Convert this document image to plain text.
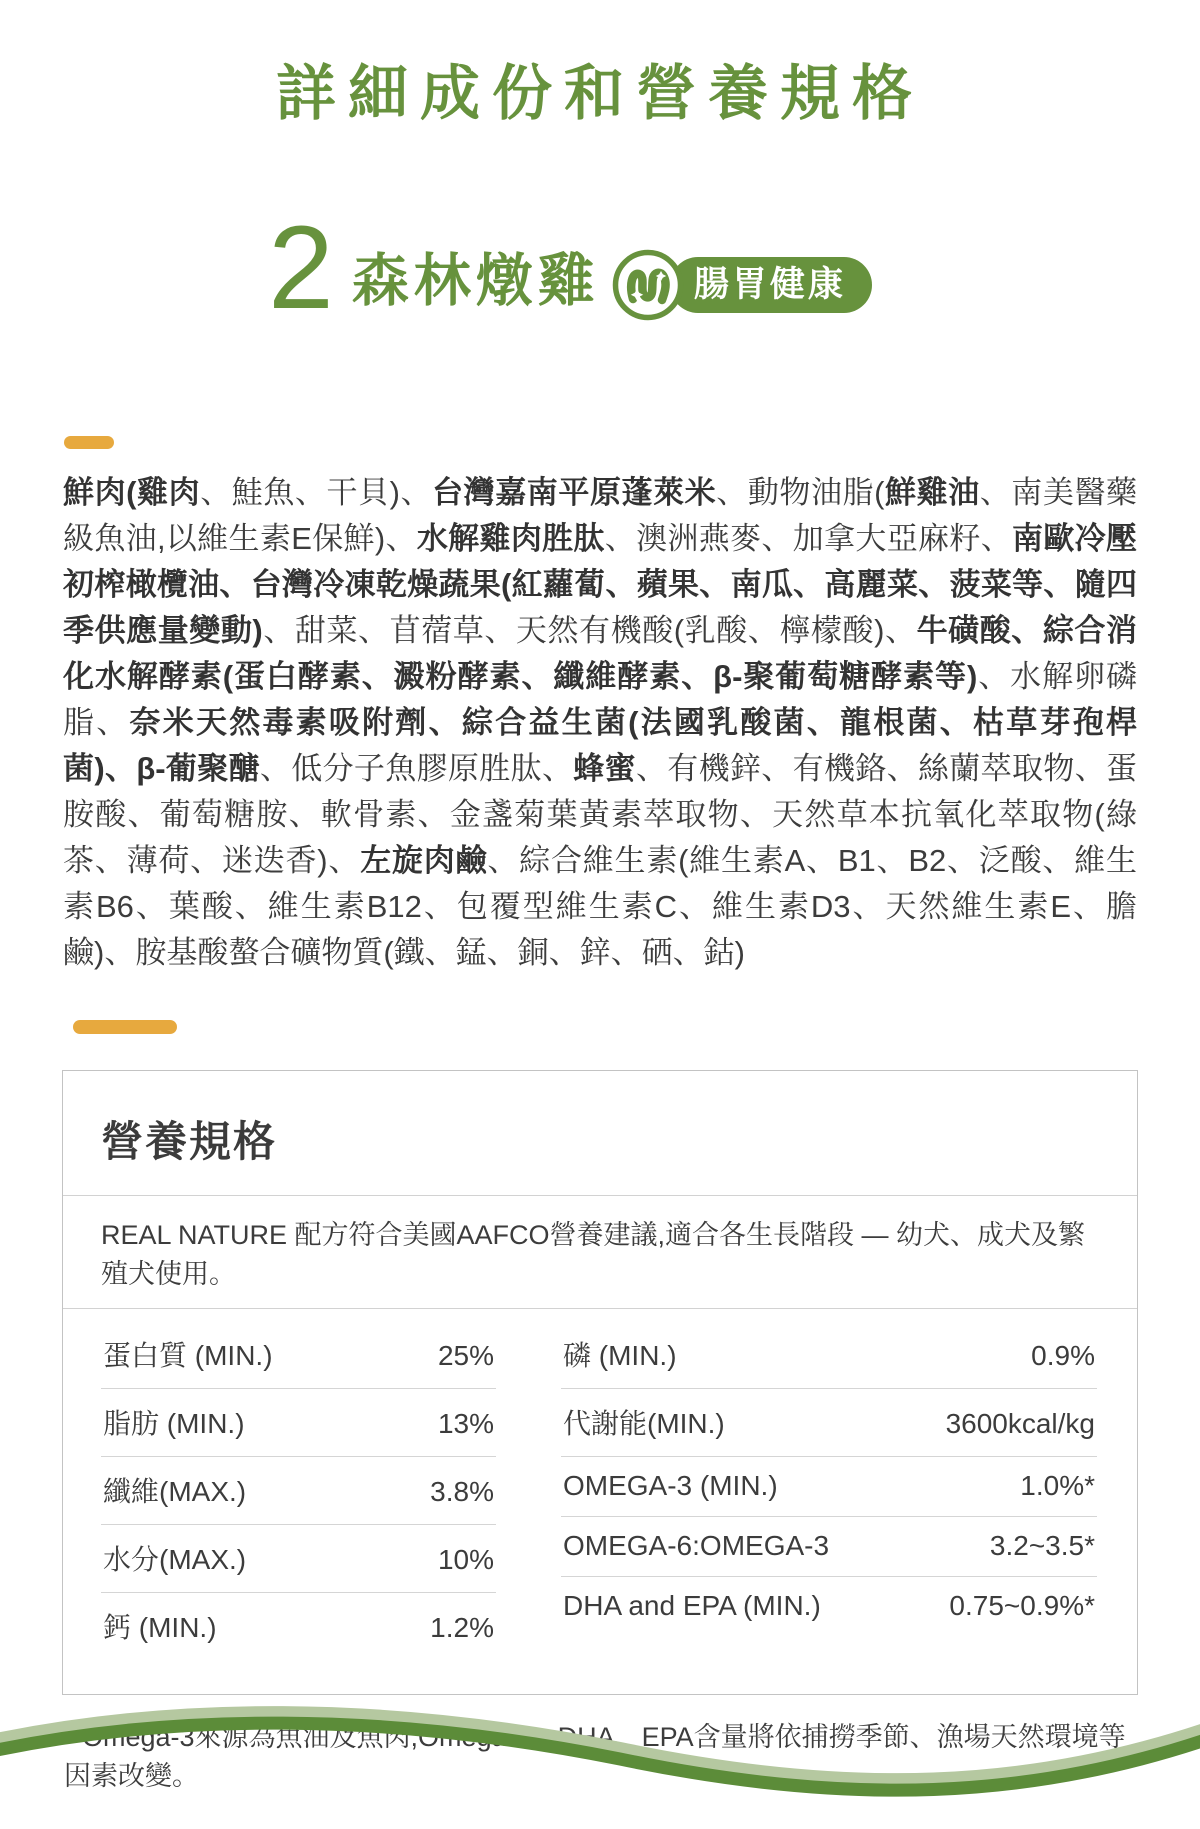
詳細成份和營養規格
2 森林燉雞	腸胃健康

鮮肉(雞肉、鮭魚、干貝)、台灣嘉南平原蓬萊米、動物油脂(鮮雞油、南美醫藥級魚油,以維生素E保鮮)、水解雞肉胜肽、澳洲燕麥、加拿大亞麻籽、南歐冷壓初榨橄欖油、台灣冷凍乾燥蔬果(紅蘿蔔、蘋果、南瓜、高麗菜、菠菜等、隨四季供應量變動)、甜菜、苜蓿草、天然有機酸(乳酸、檸檬酸)、牛磺酸、綜合消化水解酵素(蛋白酵素、澱粉酵素、纖維酵素、β-聚葡萄糖酵素等)、水解卵磷脂、奈米天然毒素吸附劑、綜合益生菌(法國乳酸菌、龍根菌、枯草芽孢桿菌)、β-葡聚醣、低分子魚膠原胜肽、蜂蜜、有機鋅、有機鉻、絲蘭萃取物、蛋胺酸、葡萄糖胺、軟骨素、金盞菊葉黃素萃取物、天然草本抗氧化萃取物(綠茶、薄荷、迷迭香)、左旋肉鹼、綜合維生素(維生素A、B1、B2、泛酸、維生素B6、葉酸、維生素B12、包覆型維生素C、維生素D3、天然維生素E、膽鹼)、胺基酸螯合礦物質(鐵、錳、銅、鋅、硒、鈷)

營養規格

REAL NATURE 配方符合美國AAFCO營養建議,適合各生長階段 — 幼犬、成犬及繁殖犬使用。

蛋白質 (MIN.)	25%
脂肪 (MIN.)	13%
纖維(MAX.)	3.8%
水分(MAX.)	10%
鈣 (MIN.)	1.2%
磷 (MIN.)	0.9%
代謝能(MIN.)	3600kcal/kg
OMEGA-3 (MIN.)	1.0%*
OMEGA-6:OMEGA-3	3.2~3.5*
DHA and EPA (MIN.)	0.75~0.9%*

* Omega-3來源為魚油及魚肉,Omega-3、DHA、EPA含量將依捕撈季節、漁場天然環境等因素改變。
